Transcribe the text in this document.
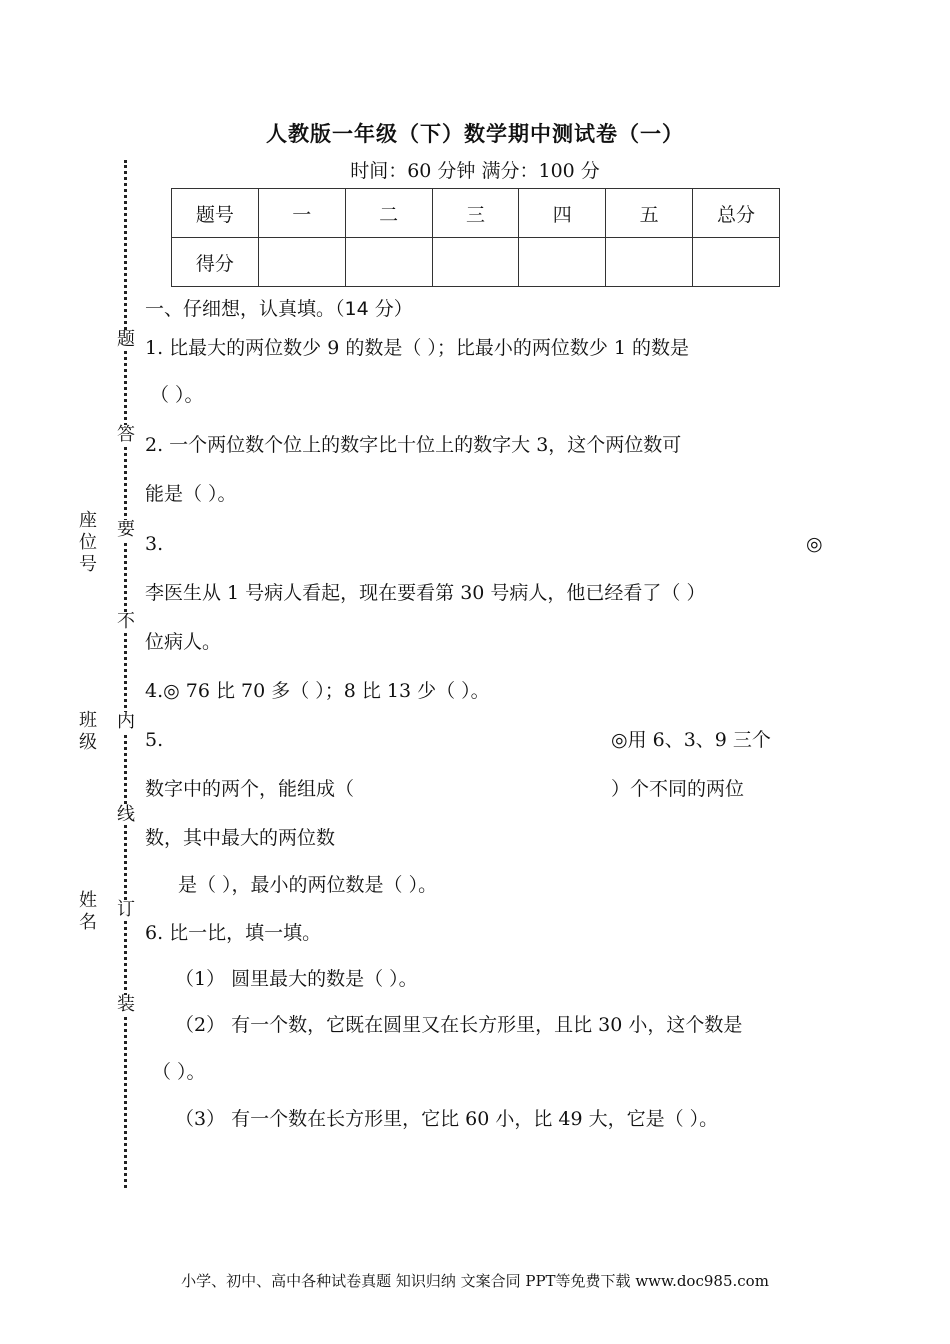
人教版一年级（下）数学期中测试卷（一）
时间：60 分钟 满分：100 分
题号	一	二	三	四	五	总分
得分						
题
答
要
不
内
线
订
装
座位号
班级
姓名
一、仔细想，认真填。（14 分）
1. 比最大的两位数少 9 的数是（ ）；比最小的两位数少 1 的数是
（ ）。
2. 一个两位数个位上的数字比十位上的数字大 3，这个两位数可
能是（ ）。
3.	◎
李医生从 1 号病人看起，现在要看第 30 号病人，他已经看了（ ）
位病人。
4.◎ 76 比 70 多（ ）；8 比 13 少（ ）。
5.	◎用 6、3、9 三个
数字中的两个，能组成（	）个不同的两位
数，其中最大的两位数
是（ ），最小的两位数是（ ）。
6. 比一比，填一填。
（1） 圆里最大的数是（ ）。
（2） 有一个数，它既在圆里又在长方形里，且比 30 小，这个数是
（ ）。
（3） 有一个数在长方形里，它比 60 小，比 49 大，它是（ ）。
小学、初中、高中各种试卷真题 知识归纳 文案合同 PPT等免费下载 www.doc985.com
